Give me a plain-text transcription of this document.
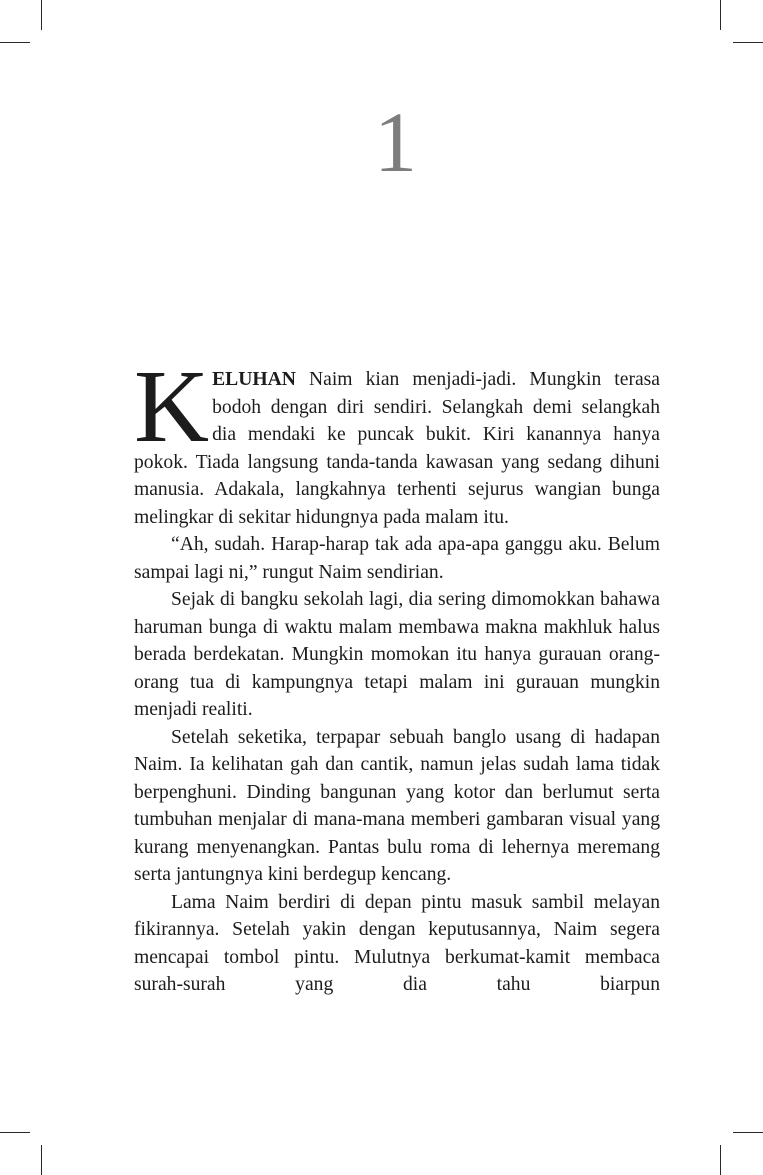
1

KELUHAN Naim kian menjadi-jadi. Mungkin terasa bodoh dengan diri sendiri. Selangkah demi selangkah dia mendaki ke puncak bukit. Kiri kanannya hanya pokok. Tiada langsung tanda-tanda kawasan yang sedang dihuni manusia. Adakala, langkahnya terhenti sejurus wangian bunga melingkar di sekitar hidungnya pada malam itu.

“Ah, sudah. Harap-harap tak ada apa-apa ganggu aku. Belum sampai lagi ni,” rungut Naim sendirian.

Sejak di bangku sekolah lagi, dia sering dimomokkan bahawa haruman bunga di waktu malam membawa makna makhluk halus berada berdekatan. Mungkin momokan itu hanya gurauan orang-orang tua di kampungnya tetapi malam ini gurauan mungkin menjadi realiti.

Setelah seketika, terpapar sebuah banglo usang di hadapan Naim. Ia kelihatan gah dan cantik, namun jelas sudah lama tidak berpenghuni. Dinding bangunan yang kotor dan berlumut serta tumbuhan menjalar di mana-mana memberi gambaran visual yang kurang menyenangkan. Pantas bulu roma di lehernya meremang serta jantungnya kini berdegup kencang.

Lama Naim berdiri di depan pintu masuk sambil melayan fikirannya. Setelah yakin dengan keputusannya, Naim segera mencapai tombol pintu. Mulutnya berkumat-kamit membaca surah-surah yang dia tahu biarpun
